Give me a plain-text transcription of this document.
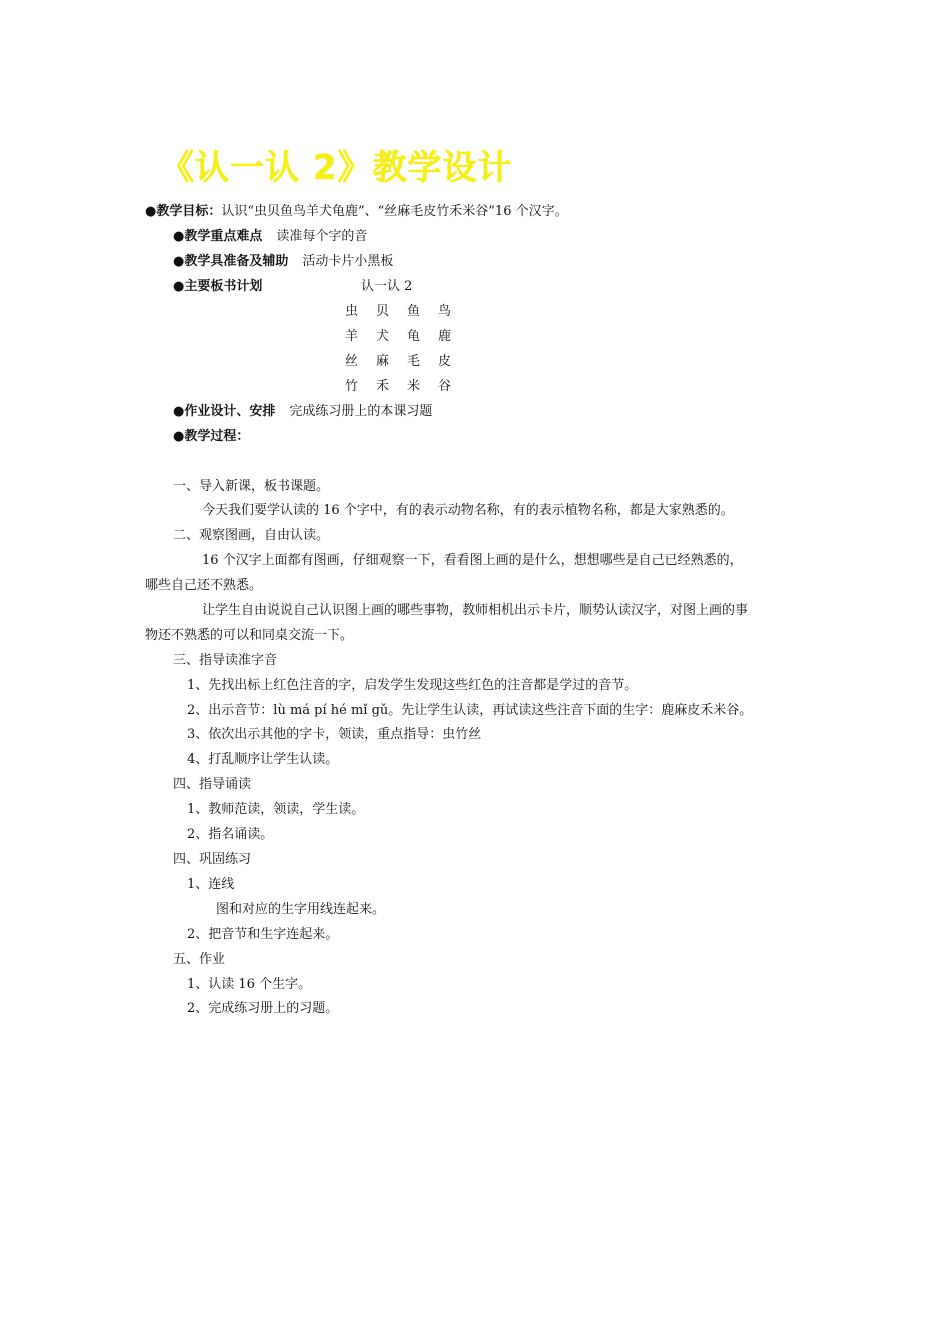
《认一认 2》教学设计
●教学目标：认识“虫贝鱼鸟羊犬龟鹿”、“丝麻毛皮竹禾米谷”16 个汉字。
●教学重点难点 读准每个字的音
●教学具准备及辅助 活动卡片小黑板
●主要板书计划	认一认 2
虫	贝	鱼	鸟
羊	犬	龟	鹿
丝	麻	毛	皮
竹	禾	米	谷
●作业设计、安排 完成练习册上的本课习题
●教学过程：
一、导入新课，板书课题。
今天我们要学认读的 16 个字中，有的表示动物名称，有的表示植物名称，都是大家熟悉的。
二、观察图画，自由认读。
16 个汉字上面都有图画，仔细观察一下，看看图上画的是什么，想想哪些是自己已经熟悉的，
哪些自己还不熟悉。
让学生自由说说自己认识图上画的哪些事物，教师相机出示卡片，顺势认读汉字，对图上画的事
物还不熟悉的可以和同桌交流一下。
三、指导读准字音
1、先找出标上红色注音的字，启发学生发现这些红色的注音都是学过的音节。
2、出示音节：lù má pí hé mǐ gǔ。先让学生认读，再试读这些注音下面的生字：鹿麻皮禾米谷。
3、依次出示其他的字卡，领读，重点指导：虫竹丝
4、打乱顺序让学生认读。
四、指导诵读
1、教师范读，领读，学生读。
2、指名诵读。
四、巩固练习
1、连线
图和对应的生字用线连起来。
2、把音节和生字连起来。
五、作业
1、认读 16 个生字。
2、完成练习册上的习题。
